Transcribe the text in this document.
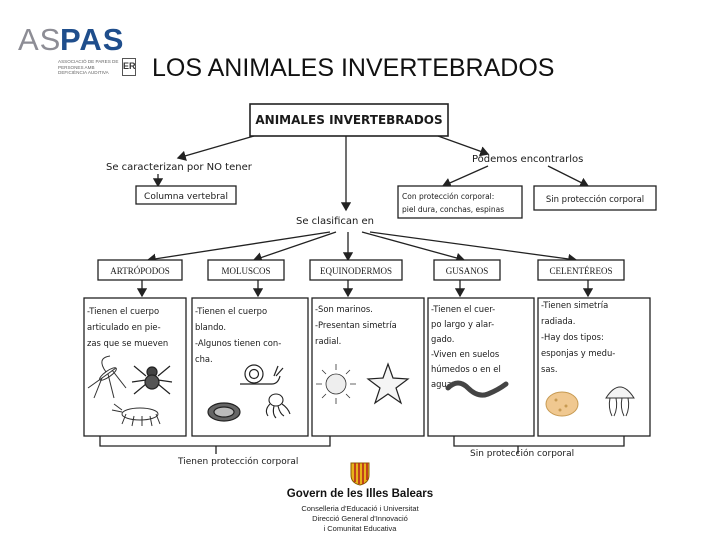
AS
PAS
ASSOCIACIÓ DE PARES DE PERSONES AMB DEFICIÈNCIA AUDITIVA
ER LOS ANIMALES INVERTEBRADOS
ANIMALES INVERTEBRADOS
Se caracterizan por NO tener
Columna vertebral
Podemos encontrarlos
Con protección corporal:
piel dura, conchas, espinas
Sin protección corporal
Se clasifican en
ARTRÓPODOS	MOLUSCOS	EQUINODERMOS	GUSANOS	CELENTÉREOS
-Tienen el cuerpo
articulado en pie-
zas que se mueven
-Tienen el cuerpo
blando.
-Algunos tienen con-
cha.
-Son marinos.
-Presentan simetría
radial.
-Tienen el cuer-
po largo y alar-
gado.
-Viven en suelos
húmedos o en el
agua
-Tienen simetría
radiada.
-Hay dos tipos:
esponjas y medu-
sas.
Tienen protección corporal
Sin protección corporal
Govern de les Illes Balears
Conselleria d'Educació i Universitat
Direcció General d'Innovació
i Comunitat Educativa
